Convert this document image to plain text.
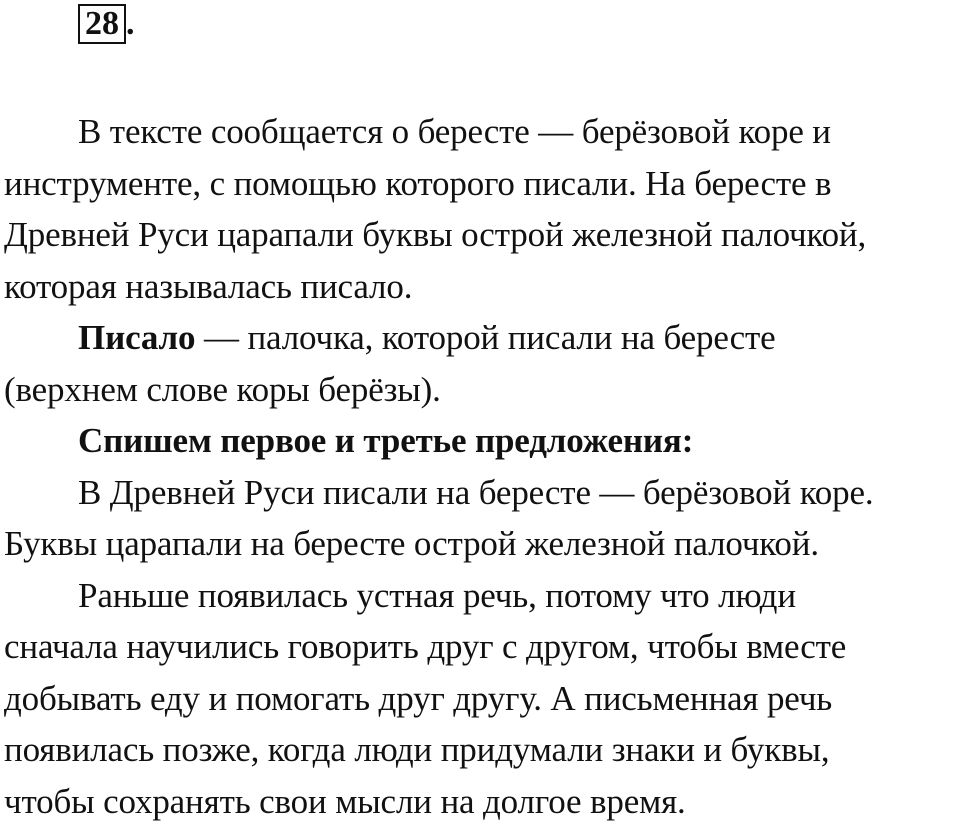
28 .

В тексте сообщается о бересте — берёзовой коре и
инструменте, с помощью которого писали. На бересте в
Древней Руси царапали буквы острой железной палочкой,
которая называлась писало.

Писало — палочка, которой писали на бересте
(верхнем слове коры берёзы).

Спишем первое и третье предложения:

В Древней Руси писали на бересте — берёзовой коре.
Буквы царапали на бересте острой железной палочкой.

Раньше появилась устная речь, потому что люди
сначала научились говорить друг с другом, чтобы вместе
добывать еду и помогать друг другу. А письменная речь
появилась позже, когда люди придумали знаки и буквы,
чтобы сохранять свои мысли на долгое время.
